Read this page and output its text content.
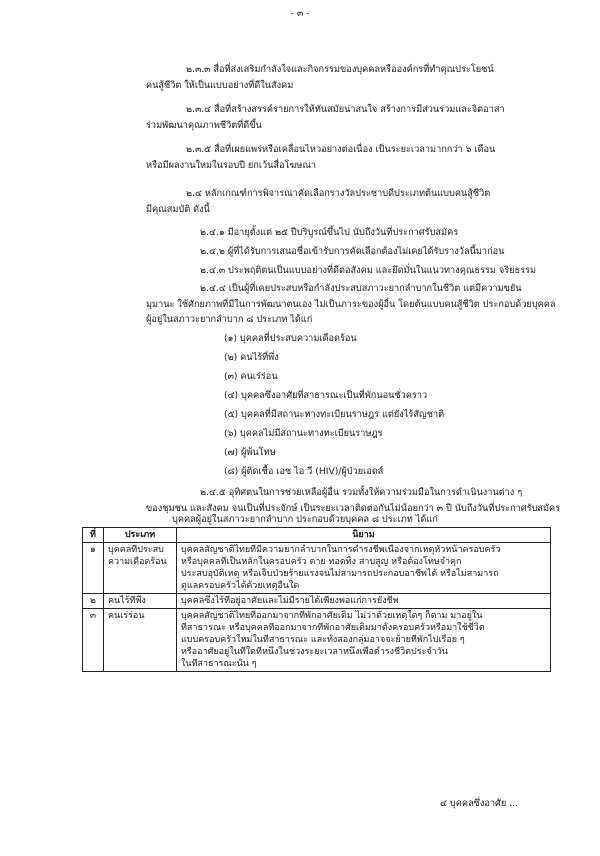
- ๓ -
๒.๓.๓ สื่อที่ส่งเสริมกำลังใจและกิจกรรมของบุคคลหรือองค์กรที่ทำคุณประโยชน์
คนสู้ชีวิต ให้เป็นแบบอย่างที่ดีในสังคม
๒.๓.๔ สื่อที่สร้างสรรค์รายการให้ทันสมัยน่าสนใจ สร้างการมีส่วนร่วมและจิตอาสา
ร่วมพัฒนาคุณภาพชีวิตที่ดีขึ้น
๒.๓.๕ สื่อที่เผยแพร่หรือเคลื่อนไหวอย่างต่อเนื่อง เป็นระยะเวลามากกว่า ๖ เดือน
หรือมีผลงานใหม่ในรอบปี ยกเว้นสื่อโฆษณา
๒.๔ หลักเกณฑ์การพิจารณาคัดเลือกรางวัลประชาบดีประเภทต้นแบบคนสู้ชีวิต
มีคุณสมบัติ ดังนี้
๒.๔.๑ มีอายุตั้งแต่ ๒๕ ปีบริบูรณ์ขึ้นไป นับถึงวันที่ประกาศรับสมัคร
๒.๔.๒ ผู้ที่ได้รับการเสนอชื่อเข้ารับการคัดเลือกต้องไม่เคยได้รับรางวัลนี้มาก่อน
๒.๔.๓ ประพฤติตนเป็นแบบอย่างที่ดีต่อสังคม และยึดมั่นในแนวทางคุณธรรม จริยธรรม
๒.๔.๔ เป็นผู้ที่เคยประสบหรือกำลังประสบสภาวะยากลำบากในชีวิต แต่มีความขยัน
มุมานะ ใช้ศักยภาพที่มีในการพัฒนาตนเอง ไม่เป็นภาระของผู้อื่น โดยต้นแบบคนสู้ชีวิต ประกอบด้วยบุคคล
ผู้อยู่ในสภาวะยากลำบาก ๘ ประเภท ได้แก่
(๑) บุคคลที่ประสบความเดือดร้อน
(๒) คนไร้ที่พึ่ง
(๓) คนเร่ร่อน
(๔) บุคคลซึ่งอาศัยที่สาธารณะเป็นที่พักนอนชั่วคราว
(๕) บุคคลที่มีสถานะทางทะเบียนราษฎร แต่ยังไร้สัญชาติ
(๖) บุคคลไม่มีสถานะทางทะเบียนราษฎร
(๗) ผู้พ้นโทษ
(๘) ผู้ติดเชื้อ เอช ไอ วี (HIV)/ผู้ป่วยเอดส์
๒.๔.๕ อุทิศตนในการช่วยเหลือผู้อื่น รวมทั้งให้ความร่วมมือในการดำเนินงานต่าง ๆ
ของชุมชน และสังคม จนเป็นที่ประจักษ์ เป็นระยะเวลาติดต่อกันไม่น้อยกว่า ๓ ปี นับถึงวันที่ประกาศรับสมัคร
บุคคลผู้อยู่ในสภาวะยากลำบาก ประกอบด้วยบุคคล ๘ ประเภท ได้แก่
ที่	ประเภท	นิยาม
๑	บุคคลที่ประสบ
ความเดือดร้อน	บุคคลสัญชาติไทยที่มีความยากลำบากในการดำรงชีพเนื่องจากเหตุหัวหน้าครอบครัว
หรือบุคคลที่เป็นหลักในครอบครัว ตาย ทอดทิ้ง สาบสูญ หรือต้องโทษจำคุก
ประสบอุบัติเหตุ หรือเจ็บป่วยร้ายแรงจนไม่สามารถประกอบอาชีพได้ หรือไม่สามารถ
ดูแลครอบครัวได้ด้วยเหตุอื่นใด

๒	คนไร้ที่พึ่ง	บุคคลซึ่งไร้ที่อยู่อาศัยและไม่มีรายได้เพียงพอแก่การยังชีพ

๓	คนเร่ร่อน	บุคคลสัญชาติไทยที่ออกมาจากที่พักอาศัยเดิม ไม่ว่าด้วยเหตุใดๆ ก็ตาม มาอยู่ใน
ที่สาธารณะ หรือบุคคลที่ออกมาจากที่พักอาศัยเดิมมาตั้งครอบครัวหรือมาใช้ชีวิต
แบบครอบครัวใหม่ในที่สาธารณะ และทั้งสองกลุ่มอาจจะย้ายที่พักไปเรื่อย ๆ
หรืออาศัยอยู่ในที่ใดที่หนึ่งในช่วงระยะเวลาหนึ่งเพื่อดำรงชีวิตประจำวัน
ในที่สาธารณะนั้น ๆ
๔ บุคคลซึ่งอาศัย ...
